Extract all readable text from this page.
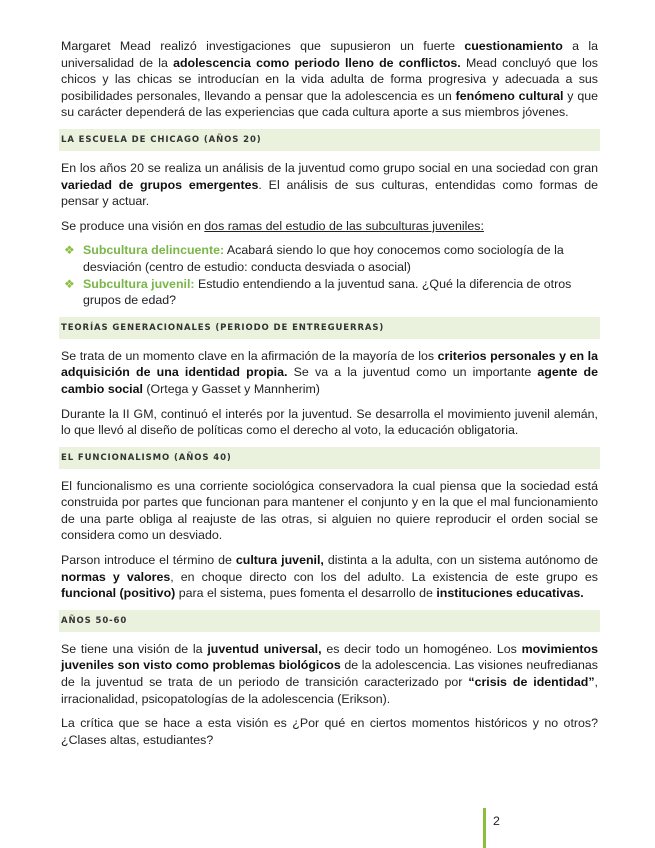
Margaret Mead realizó investigaciones que supusieron un fuerte cuestionamiento a la universalidad de la adolescencia como periodo lleno de conflictos. Mead concluyó que los chicos y las chicas se introducían en la vida adulta de forma progresiva y adecuada a sus posibilidades personales, llevando a pensar que la adolescencia es un fenómeno cultural y que su carácter dependerá de las experiencias que cada cultura aporte a sus miembros jóvenes.

LA ESCUELA DE CHICAGO (AÑOS 20)

En los años 20 se realiza un análisis de la juventud como grupo social en una sociedad con gran variedad de grupos emergentes. El análisis de sus culturas, entendidas como formas de pensar y actuar.

Se produce una visión en dos ramas del estudio de las subculturas juveniles:

❖ Subcultura delincuente: Acabará siendo lo que hoy conocemos como sociología de la desviación (centro de estudio: conducta desviada o asocial)
❖ Subcultura juvenil: Estudio entendiendo a la juventud sana. ¿Qué la diferencia de otros grupos de edad?
TEORÍAS GENERACIONALES (PERIODO DE ENTREGUERRAS)

Se trata de un momento clave en la afirmación de la mayoría de los criterios personales y en la adquisición de una identidad propia. Se va a la juventud como un importante agente de cambio social (Ortega y Gasset y Mannherim)

Durante la II GM, continuó el interés por la juventud. Se desarrolla el movimiento juvenil alemán, lo que llevó al diseño de políticas como el derecho al voto, la educación obligatoria.

EL FUNCIONALISMO (AÑOS 40)

El funcionalismo es una corriente sociológica conservadora la cual piensa que la sociedad está construida por partes que funcionan para mantener el conjunto y en la que el mal funcionamiento de una parte obliga al reajuste de las otras, si alguien no quiere reproducir el orden social se considera como un desviado.

Parson introduce el término de cultura juvenil, distinta a la adulta, con un sistema autónomo de normas y valores, en choque directo con los del adulto. La existencia de este grupo es funcional (positivo) para el sistema, pues fomenta el desarrollo de instituciones educativas.

AÑOS 50-60

Se tiene una visión de la juventud universal, es decir todo un homogéneo. Los movimientos juveniles son visto como problemas biológicos de la adolescencia. Las visiones neufredianas de la juventud se trata de un periodo de transición caracterizado por “crisis de identidad”, irracionalidad, psicopatologías de la adolescencia (Erikson).

La crítica que se hace a esta visión es ¿Por qué en ciertos momentos históricos y no otros? ¿Clases altas, estudiantes?

2
